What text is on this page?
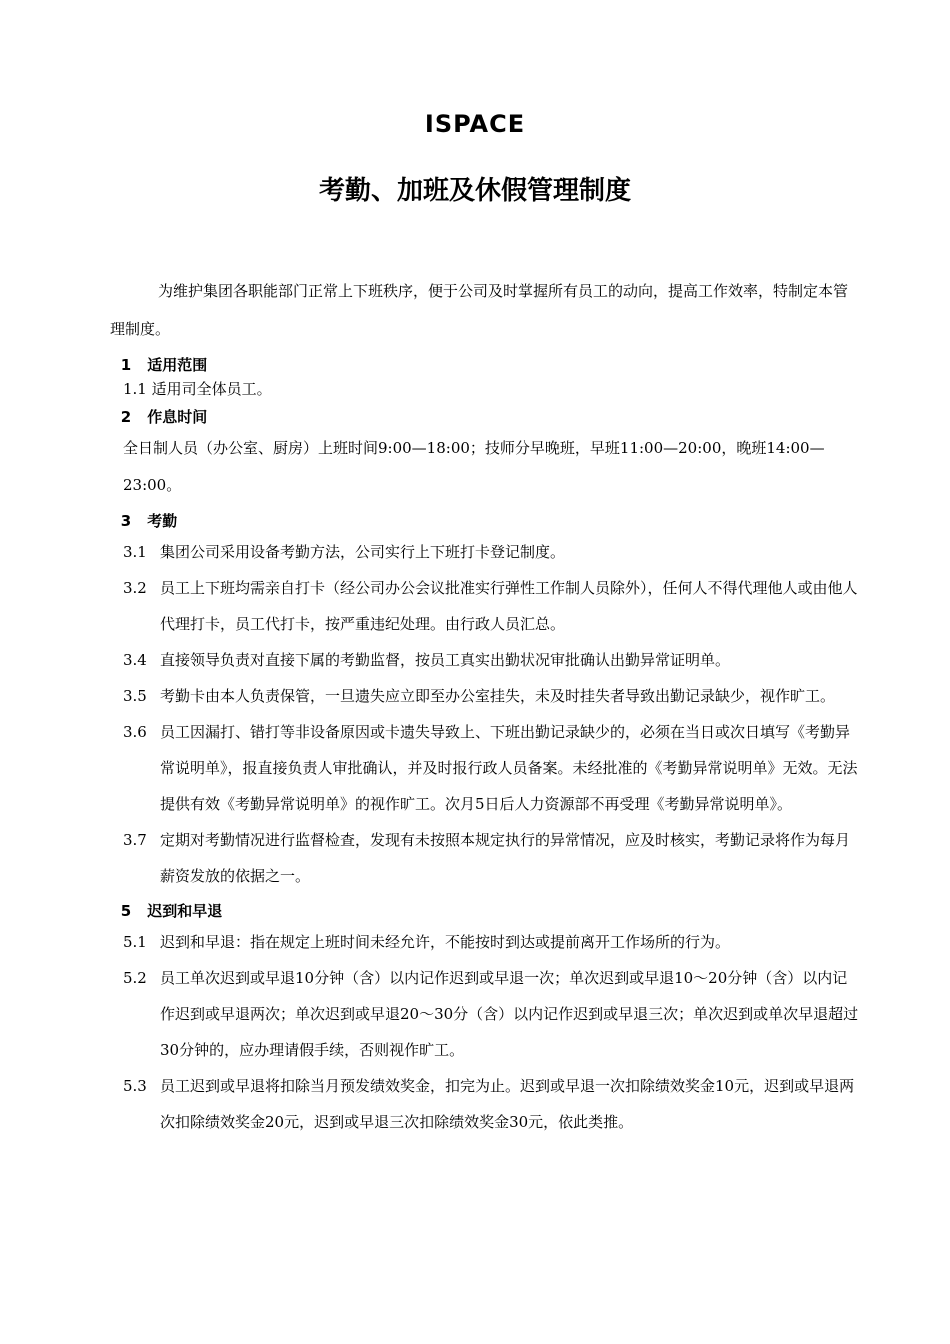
ISPACE
考勤、加班及休假管理制度

为维护集团各职能部门正常上下班秩序，便于公司及时掌握所有员工的动向，提高工作效率，特制定本管理制度。

1 适用范围

1.1 适用司全体员工。

2 作息时间

全日制人员（办公室、厨房）上班时间9:00—18:00；技师分早晚班，早班11:00—20:00，晚班14:00—23:00。

3 考勤
3.1 集团公司采用设备考勤方法，公司实行上下班打卡登记制度。
3.2 员工上下班均需亲自打卡（经公司办公会议批准实行弹性工作制人员除外），任何人不得代理他人或由他人代理打卡，员工代打卡，按严重违纪处理。由行政人员汇总。
3.4 直接领导负责对直接下属的考勤监督，按员工真实出勤状况审批确认出勤异常证明单。
3.5 考勤卡由本人负责保管，一旦遗失应立即至办公室挂失，未及时挂失者导致出勤记录缺少，视作旷工。
3.6 员工因漏打、错打等非设备原因或卡遗失导致上、下班出勤记录缺少的，必须在当日或次日填写《考勤异常说明单》，报直接负责人审批确认，并及时报行政人员备案。未经批准的《考勤异常说明单》无效。无法提供有效《考勤异常说明单》的视作旷工。次月5日后人力资源部不再受理《考勤异常说明单》。
3.7 定期对考勤情况进行监督检查，发现有未按照本规定执行的异常情况，应及时核实，考勤记录将作为每月薪资发放的依据之一。
5 迟到和早退
5.1 迟到和早退：指在规定上班时间未经允许，不能按时到达或提前离开工作场所的行为。
5.2 员工单次迟到或早退10分钟（含）以内记作迟到或早退一次；单次迟到或早退10～20分钟（含）以内记作迟到或早退两次；单次迟到或早退20～30分（含）以内记作迟到或早退三次；单次迟到或单次早退超过30分钟的，应办理请假手续，否则视作旷工。
5.3 员工迟到或早退将扣除当月预发绩效奖金，扣完为止。迟到或早退一次扣除绩效奖金10元，迟到或早退两次扣除绩效奖金20元，迟到或早退三次扣除绩效奖金30元，依此类推。
